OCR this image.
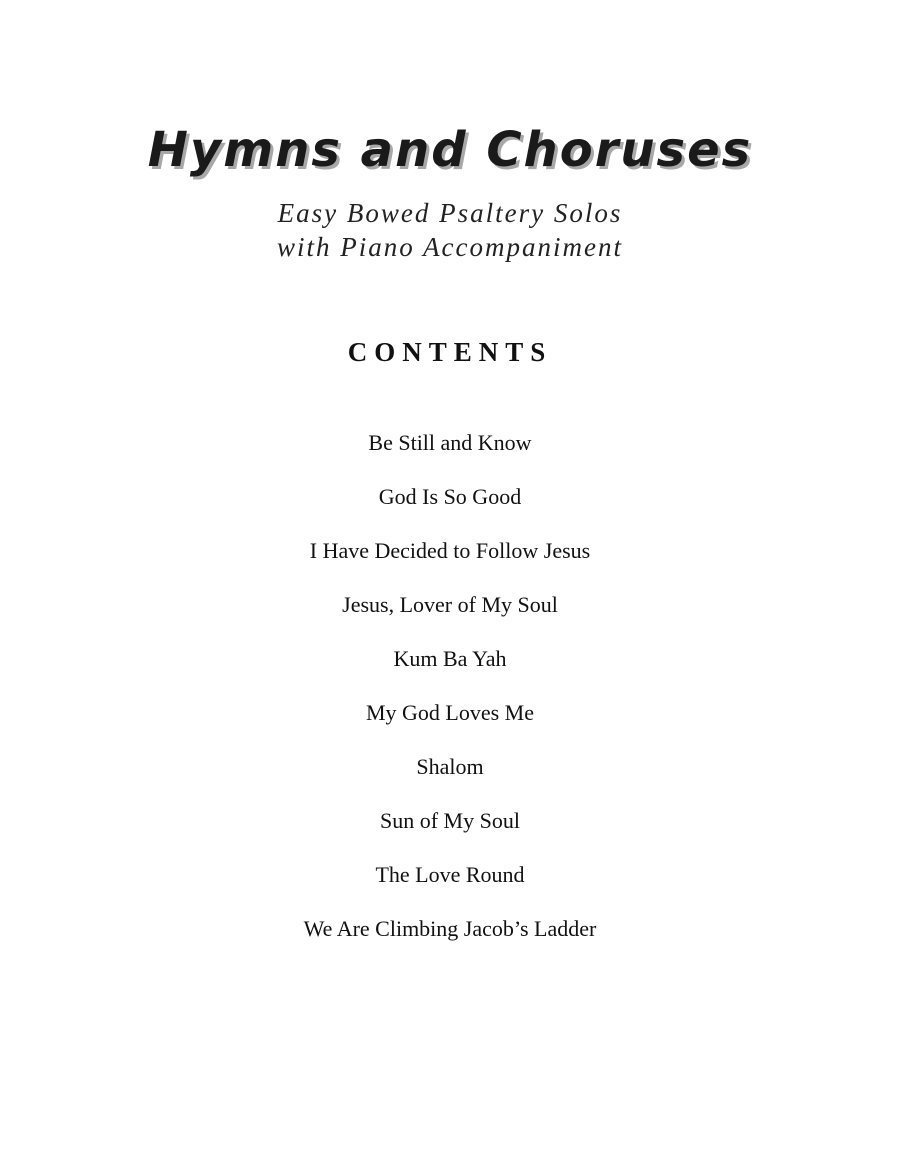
Hymns and Choruses
Easy Bowed Psaltery Solos
with Piano Accompaniment
CONTENTS
Be Still and Know
God Is So Good
I Have Decided to Follow Jesus
Jesus, Lover of My Soul
Kum Ba Yah
My God Loves Me
Shalom
Sun of My Soul
The Love Round
We Are Climbing Jacob’s Ladder
